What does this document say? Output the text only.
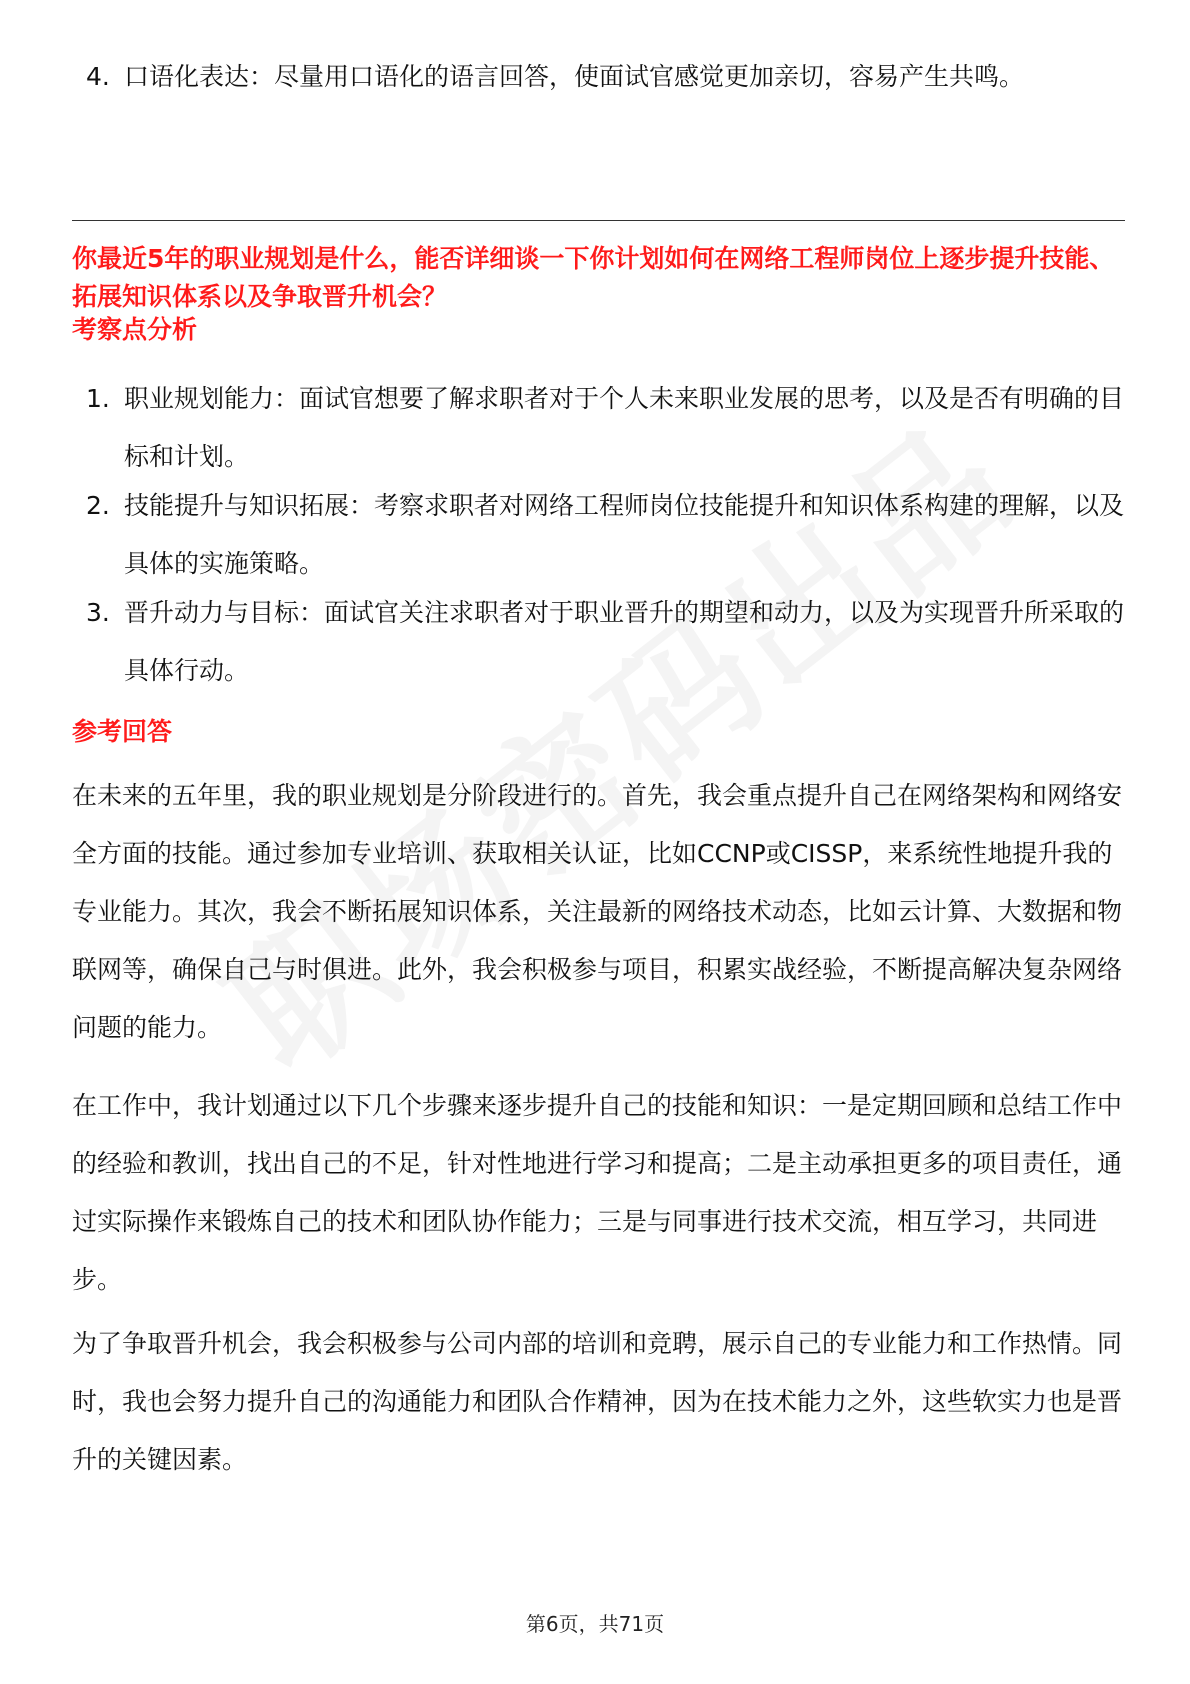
4. 口语化表达：尽量用口语化的语言回答，使面试官感觉更加亲切，容易产生共鸣。
你最近5年的职业规划是什么，能否详细谈一下你计划如何在网络工程师岗位上逐步提升技能、拓展知识体系以及争取晋升机会？
考察点分析
1. 职业规划能力：面试官想要了解求职者对于个人未来职业发展的思考，以及是否有明确的目标和计划。
2. 技能提升与知识拓展：考察求职者对网络工程师岗位技能提升和知识体系构建的理解，以及具体的实施策略。
3. 晋升动力与目标：面试官关注求职者对于职业晋升的期望和动力，以及为实现晋升所采取的具体行动。
参考回答
在未来的五年里，我的职业规划是分阶段进行的。首先，我会重点提升自己在网络架构和网络安全方面的技能。通过参加专业培训、获取相关认证，比如CCNP或CISSP，来系统性地提升我的专业能力。其次，我会不断拓展知识体系，关注最新的网络技术动态，比如云计算、大数据和物联网等，确保自己与时俱进。此外，我会积极参与项目，积累实战经验，不断提高解决复杂网络问题的能力。
在工作中，我计划通过以下几个步骤来逐步提升自己的技能和知识：一是定期回顾和总结工作中的经验和教训，找出自己的不足，针对性地进行学习和提高；二是主动承担更多的项目责任，通过实际操作来锻炼自己的技术和团队协作能力；三是与同事进行技术交流，相互学习，共同进步。
为了争取晋升机会，我会积极参与公司内部的培训和竞聘，展示自己的专业能力和工作热情。同时，我也会努力提升自己的沟通能力和团队合作精神，因为在技术能力之外，这些软实力也是晋升的关键因素。
第6页，共71页
